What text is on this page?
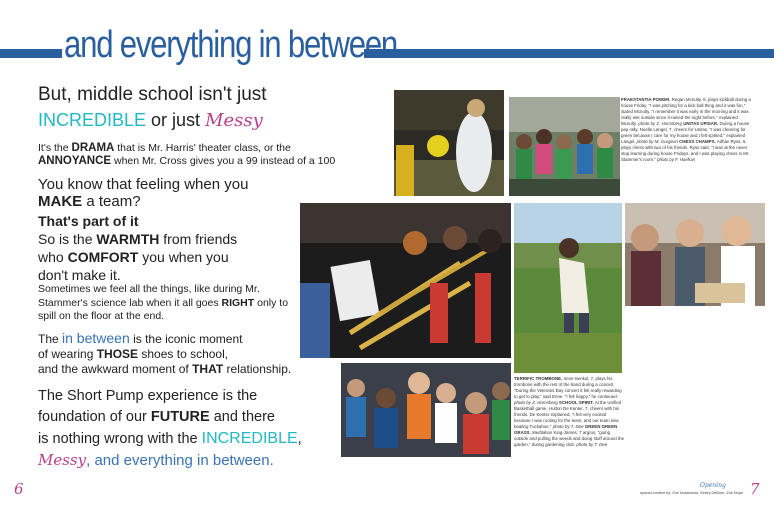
and everything in between
But, middle school isn't just
INCREDIBLE or just Messy
It's the DRAMA that is Mr. Harris' theater class, or the
ANNOYANCE when Mr. Cross gives you a 99 instead of a 100
You know that feeling when you
MAKE a team?
That's part of it
So is the WARMTH from friends
who COMFORT you when you
don't make it.
Sometimes we feel all the things, like during Mr.
Stammer's science lab when it all goes RIGHT only to
spill on the floor at the end.
The in between is the iconic moment
of wearing THOSE shoes to school,
and the awkward moment of THAT relationship.
The Short Pump experience is the
foundation of our FUTURE and there
is nothing wrong with the INCREDIBLE,
Messy, and everything in between.
FRAESTANTIA POWER. Regan Mcnulty, 8, plays kickball during a house Friday. "I was pitching for a kick ball thing and it was fun," stated Mcnulty. "I remember it was early in the morning and it was really wet outside since it rained the night before," explained Mcnulty. photo by Z. Hornsberg UNITAS UPISAR. During a house pep rally, Noelle Langel, 7, cheers for Unitas. "I was cheering for green because I care for my house and I felt spirited," explained Langel. photo by M. Gurgeon CHESS CHAMPS. Adhan Ryss, 6, plays chess with two of his friends. Ryss said, "I was at the never stop learning during house Fridays, and I was playing chess in Mr. Stammer's room." photo by F. Haehan
TERRIFIC TROMBONE. Irene Senkul, 7, plays his trombone with the rest of the band during a concert. "During the Veterans Day concert it felt really rewarding to get to play," said Enne. "I felt happy," he continued. photo by Z. Hornsberg SCHOOL SPIRIT. At the Unified Basketball game, Hutton De Kenter, 7, cheers with his friends. De Kenter explained, "I felt very excited because I was rooting for the team, and our team was beating Tuckahoe." photo by T. Dee GREEN GREEN GRASS. Meditation King-James, 7 argrus, "going outside and pulling the weeds and doing stuff around the garden," during gardening club. photo by T. Dee
6	7
Opening
spread content by: Zoe Nussbaum, Kinley DeBoer, Zoe Nope
